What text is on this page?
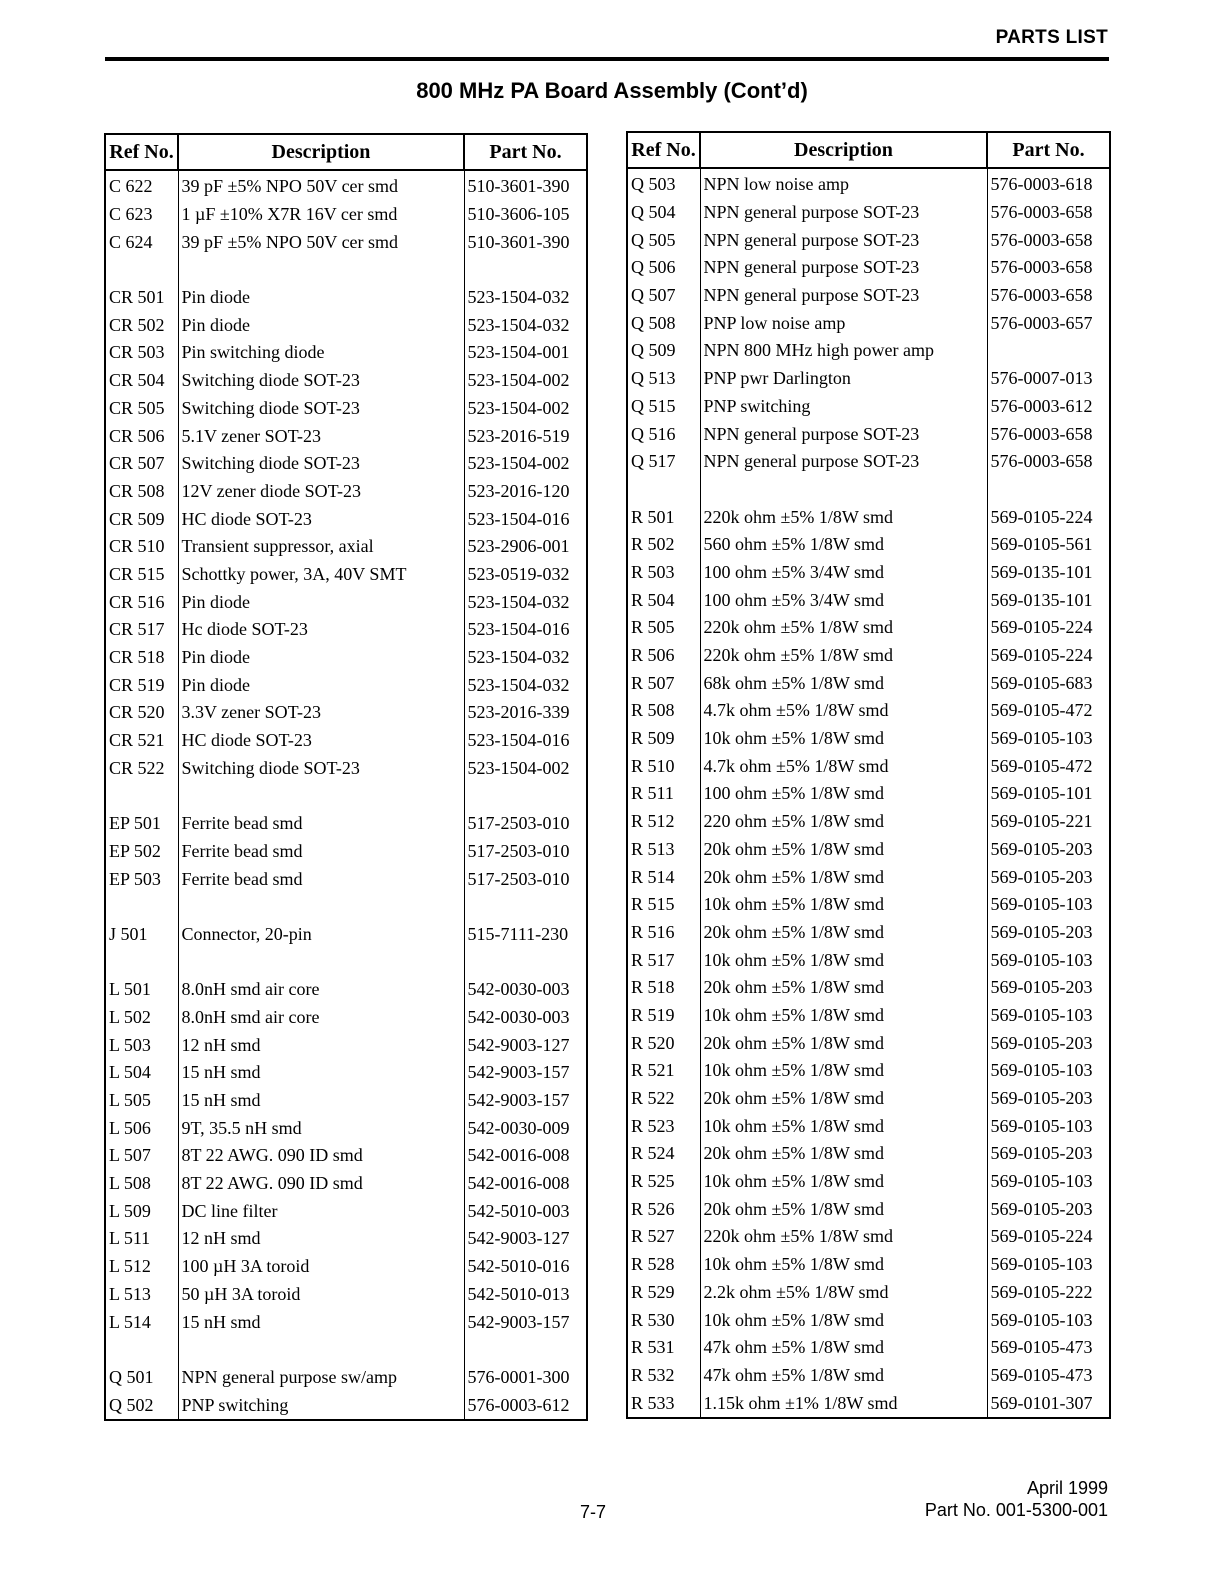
PARTS LIST
800 MHz PA Board Assembly (Cont’d)
Ref No.	Description	Part No.
C 622	39 pF ±5% NPO 50V cer smd	510-3601-390
C 623	1 µF ±10% X7R 16V cer smd	510-3606-105
C 624	39 pF ±5% NPO 50V cer smd	510-3601-390

CR 501	Pin diode	523-1504-032
CR 502	Pin diode	523-1504-032
CR 503	Pin switching diode	523-1504-001
CR 504	Switching diode SOT-23	523-1504-002
CR 505	Switching diode SOT-23	523-1504-002
CR 506	5.1V zener SOT-23	523-2016-519
CR 507	Switching diode SOT-23	523-1504-002
CR 508	12V zener diode SOT-23	523-2016-120
CR 509	HC diode SOT-23	523-1504-016
CR 510	Transient suppressor, axial	523-2906-001
CR 515	Schottky power, 3A, 40V SMT	523-0519-032
CR 516	Pin diode	523-1504-032
CR 517	Hc diode SOT-23	523-1504-016
CR 518	Pin diode	523-1504-032
CR 519	Pin diode	523-1504-032
CR 520	3.3V zener SOT-23	523-2016-339
CR 521	HC diode SOT-23	523-1504-016
CR 522	Switching diode SOT-23	523-1504-002

EP 501	Ferrite bead smd	517-2503-010
EP 502	Ferrite bead smd	517-2503-010
EP 503	Ferrite bead smd	517-2503-010

J 501	Connector, 20-pin	515-7111-230

L 501	8.0nH smd air core	542-0030-003
L 502	8.0nH smd air core	542-0030-003
L 503	12 nH smd	542-9003-127
L 504	15 nH smd	542-9003-157
L 505	15 nH smd	542-9003-157
L 506	9T, 35.5 nH smd	542-0030-009
L 507	8T 22 AWG. 090 ID smd	542-0016-008
L 508	8T 22 AWG. 090 ID smd	542-0016-008
L 509	DC line filter	542-5010-003
L 511	12 nH smd	542-9003-127
L 512	100 µH 3A toroid	542-5010-016
L 513	50 µH 3A toroid	542-5010-013
L 514	15 nH smd	542-9003-157

Q 501	NPN general purpose sw/amp	576-0001-300
Q 502	PNP switching	576-0003-612
Ref No.	Description	Part No.
Q 503	NPN low noise amp	576-0003-618
Q 504	NPN general purpose SOT-23	576-0003-658
Q 505	NPN general purpose SOT-23	576-0003-658
Q 506	NPN general purpose SOT-23	576-0003-658
Q 507	NPN general purpose SOT-23	576-0003-658
Q 508	PNP low noise amp	576-0003-657
Q 509	NPN 800 MHz high power amp	
Q 513	PNP pwr Darlington	576-0007-013
Q 515	PNP switching	576-0003-612
Q 516	NPN general purpose SOT-23	576-0003-658
Q 517	NPN general purpose SOT-23	576-0003-658

R 501	220k ohm ±5% 1/8W smd	569-0105-224
R 502	560 ohm ±5% 1/8W smd	569-0105-561
R 503	100 ohm ±5% 3/4W smd	569-0135-101
R 504	100 ohm ±5% 3/4W smd	569-0135-101
R 505	220k ohm ±5% 1/8W smd	569-0105-224
R 506	220k ohm ±5% 1/8W smd	569-0105-224
R 507	68k ohm ±5% 1/8W smd	569-0105-683
R 508	4.7k ohm ±5% 1/8W smd	569-0105-472
R 509	10k ohm ±5% 1/8W smd	569-0105-103
R 510	4.7k ohm ±5% 1/8W smd	569-0105-472
R 511	100 ohm ±5% 1/8W smd	569-0105-101
R 512	220 ohm ±5% 1/8W smd	569-0105-221
R 513	20k ohm ±5% 1/8W smd	569-0105-203
R 514	20k ohm ±5% 1/8W smd	569-0105-203
R 515	10k ohm ±5% 1/8W smd	569-0105-103
R 516	20k ohm ±5% 1/8W smd	569-0105-203
R 517	10k ohm ±5% 1/8W smd	569-0105-103
R 518	20k ohm ±5% 1/8W smd	569-0105-203
R 519	10k ohm ±5% 1/8W smd	569-0105-103
R 520	20k ohm ±5% 1/8W smd	569-0105-203
R 521	10k ohm ±5% 1/8W smd	569-0105-103
R 522	20k ohm ±5% 1/8W smd	569-0105-203
R 523	10k ohm ±5% 1/8W smd	569-0105-103
R 524	20k ohm ±5% 1/8W smd	569-0105-203
R 525	10k ohm ±5% 1/8W smd	569-0105-103
R 526	20k ohm ±5% 1/8W smd	569-0105-203
R 527	220k ohm ±5% 1/8W smd	569-0105-224
R 528	10k ohm ±5% 1/8W smd	569-0105-103
R 529	2.2k ohm ±5% 1/8W smd	569-0105-222
R 530	10k ohm ±5% 1/8W smd	569-0105-103
R 531	47k ohm ±5% 1/8W smd	569-0105-473
R 532	47k ohm ±5% 1/8W smd	569-0105-473
R 533	1.15k ohm ±1% 1/8W smd	569-0101-307
April 1999
7-7	Part No. 001-5300-001
